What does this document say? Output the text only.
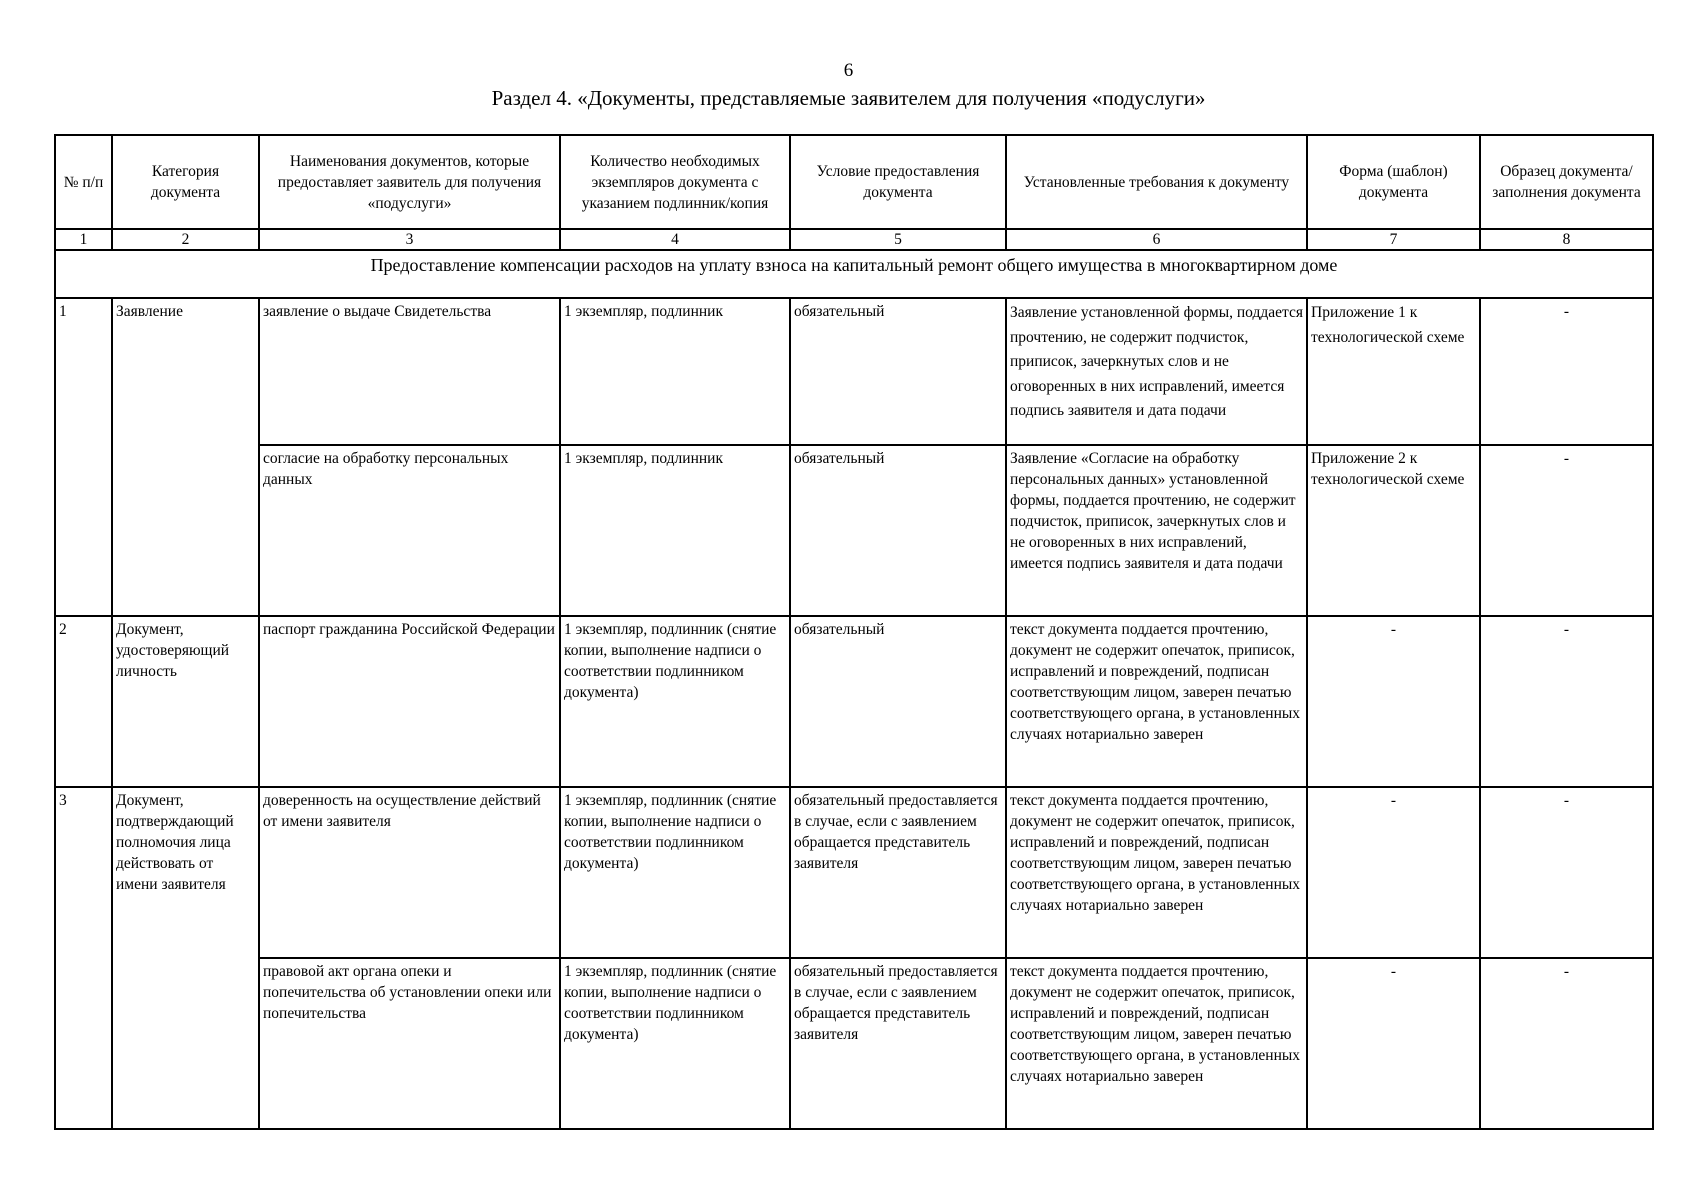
6
Раздел 4. «Документы, представляемые заявителем для получения «подуслуги»
№ п/п	Категория документа	Наименования документов, которые предоставляет заявитель для получения «подуслуги»	Количество необходимых экземпляров документа с указанием подлинник/копия	Условие предоставления документа	Установленные требования к документу	Форма (шаблон) документа	Образец документа/заполнения документа
1	2	3	4	5	6	7	8
Предоставление компенсации расходов на уплату взноса на капитальный ремонт общего имущества в многоквартирном доме							
1	Заявление	заявление о выдаче Свидетельства	1 экземпляр, подлинник	обязательный	Заявление установленной формы, поддается прочтению, не содержит подчисток, приписок, зачеркнутых слов и не оговоренных в них исправлений, имеется подпись заявителя и дата подачи	Приложение 1 к технологической схеме	-
		согласие на обработку персональных данных	1 экземпляр, подлинник	обязательный	Заявление «Согласие на обработку персональных данных» установленной формы, поддается прочтению, не содержит подчисток, приписок, зачеркнутых слов и не оговоренных в них исправлений, имеется подпись заявителя и дата подачи	Приложение 2 к технологической схеме	-
2	Документ, удостоверяющий личность	паспорт гражданина Российской Федерации	1 экземпляр, подлинник (снятие копии, выполнение надписи о соответствии подлинником документа)	обязательный	текст документа поддается прочтению, документ не содержит опечаток, приписок, исправлений и повреждений, подписан соответствующим лицом, заверен печатью соответствующего органа, в установленных случаях нотариально заверен	-	-
3	Документ, подтверждающий полномочия лица действовать от имени заявителя	доверенность на осуществление действий от имени заявителя	1 экземпляр, подлинник (снятие копии, выполнение надписи о соответствии подлинником документа)	обязательный предоставляется в случае, если с заявлением обращается представитель заявителя	текст документа поддается прочтению, документ не содержит опечаток, приписок, исправлений и повреждений, подписан соответствующим лицом, заверен печатью соответствующего органа, в установленных случаях нотариально заверен	-	-
		правовой акт органа опеки и попечительства об установлении опеки или попечительства	1 экземпляр, подлинник (снятие копии, выполнение надписи о соответствии подлинником документа)	обязательный предоставляется в случае, если с заявлением обращается представитель заявителя	текст документа поддается прочтению, документ не содержит опечаток, приписок, исправлений и повреждений, подписан соответствующим лицом, заверен печатью соответствующего органа, в установленных случаях нотариально заверен	-	-
